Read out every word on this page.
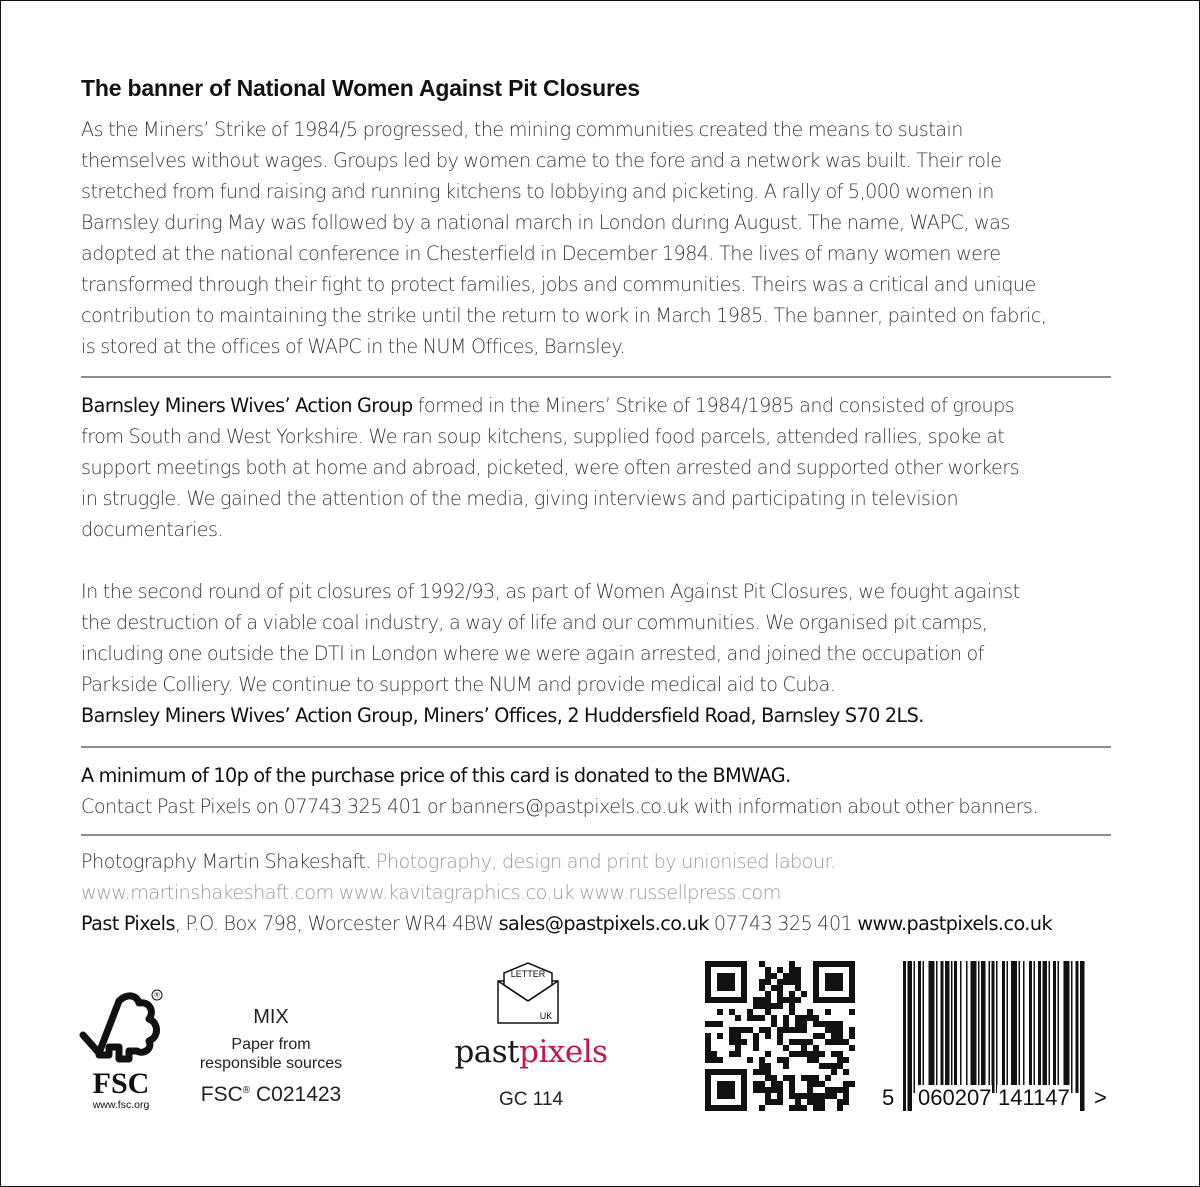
The banner of National Women Against Pit Closures

As the Miners’ Strike of 1984/5 progressed, the mining communities created the means to sustain

themselves without wages. Groups led by women came to the fore and a network was built. Their role

stretched from fund raising and running kitchens to lobbying and picketing. A rally of 5,000 women in

Barnsley during May was followed by a national march in London during August. The name, WAPC, was

adopted at the national conference in Chesterfield in December 1984. The lives of many women were

transformed through their fight to protect families, jobs and communities. Theirs was a critical and unique

contribution to maintaining the strike until the return to work in March 1985. The banner, painted on fabric,

is stored at the offices of WAPC in the NUM Offices, Barnsley.

Barnsley Miners Wives’ Action Group formed in the Miners’ Strike of 1984/1985 and consisted of groups

from South and West Yorkshire. We ran soup kitchens, supplied food parcels, attended rallies, spoke at

support meetings both at home and abroad, picketed, were often arrested and supported other workers

in struggle. We gained the attention of the media, giving interviews and participating in television

documentaries.

In the second round of pit closures of 1992/93, as part of Women Against Pit Closures, we fought against

the destruction of a viable coal industry, a way of life and our communities. We organised pit camps,

including one outside the DTI in London where we were again arrested, and joined the occupation of

Parkside Colliery. We continue to support the NUM and provide medical aid to Cuba.

Barnsley Miners Wives’ Action Group, Miners’ Offices, 2 Huddersfield Road, Barnsley S70 2LS.

A minimum of 10p of the purchase price of this card is donated to the BMWAG.

Contact Past Pixels on 07743 325 401 or banners@pastpixels.co.uk with information about other banners.

Photography Martin Shakeshaft. Photography, design and print by unionised labour.

www.martinshakeshaft.com www.kavitagraphics.co.uk www.russellpress.com

Past Pixels, P.O. Box 798, Worcester WR4 4BW sales@pastpixels.co.uk 07743 325 401 www.pastpixels.co.uk

®
FSC
www.fsc.org
MIX
Paper from
responsible sources
FSC® C021423
LETTER
UK
pastpixels
GC 114	5 060207 141147 >
